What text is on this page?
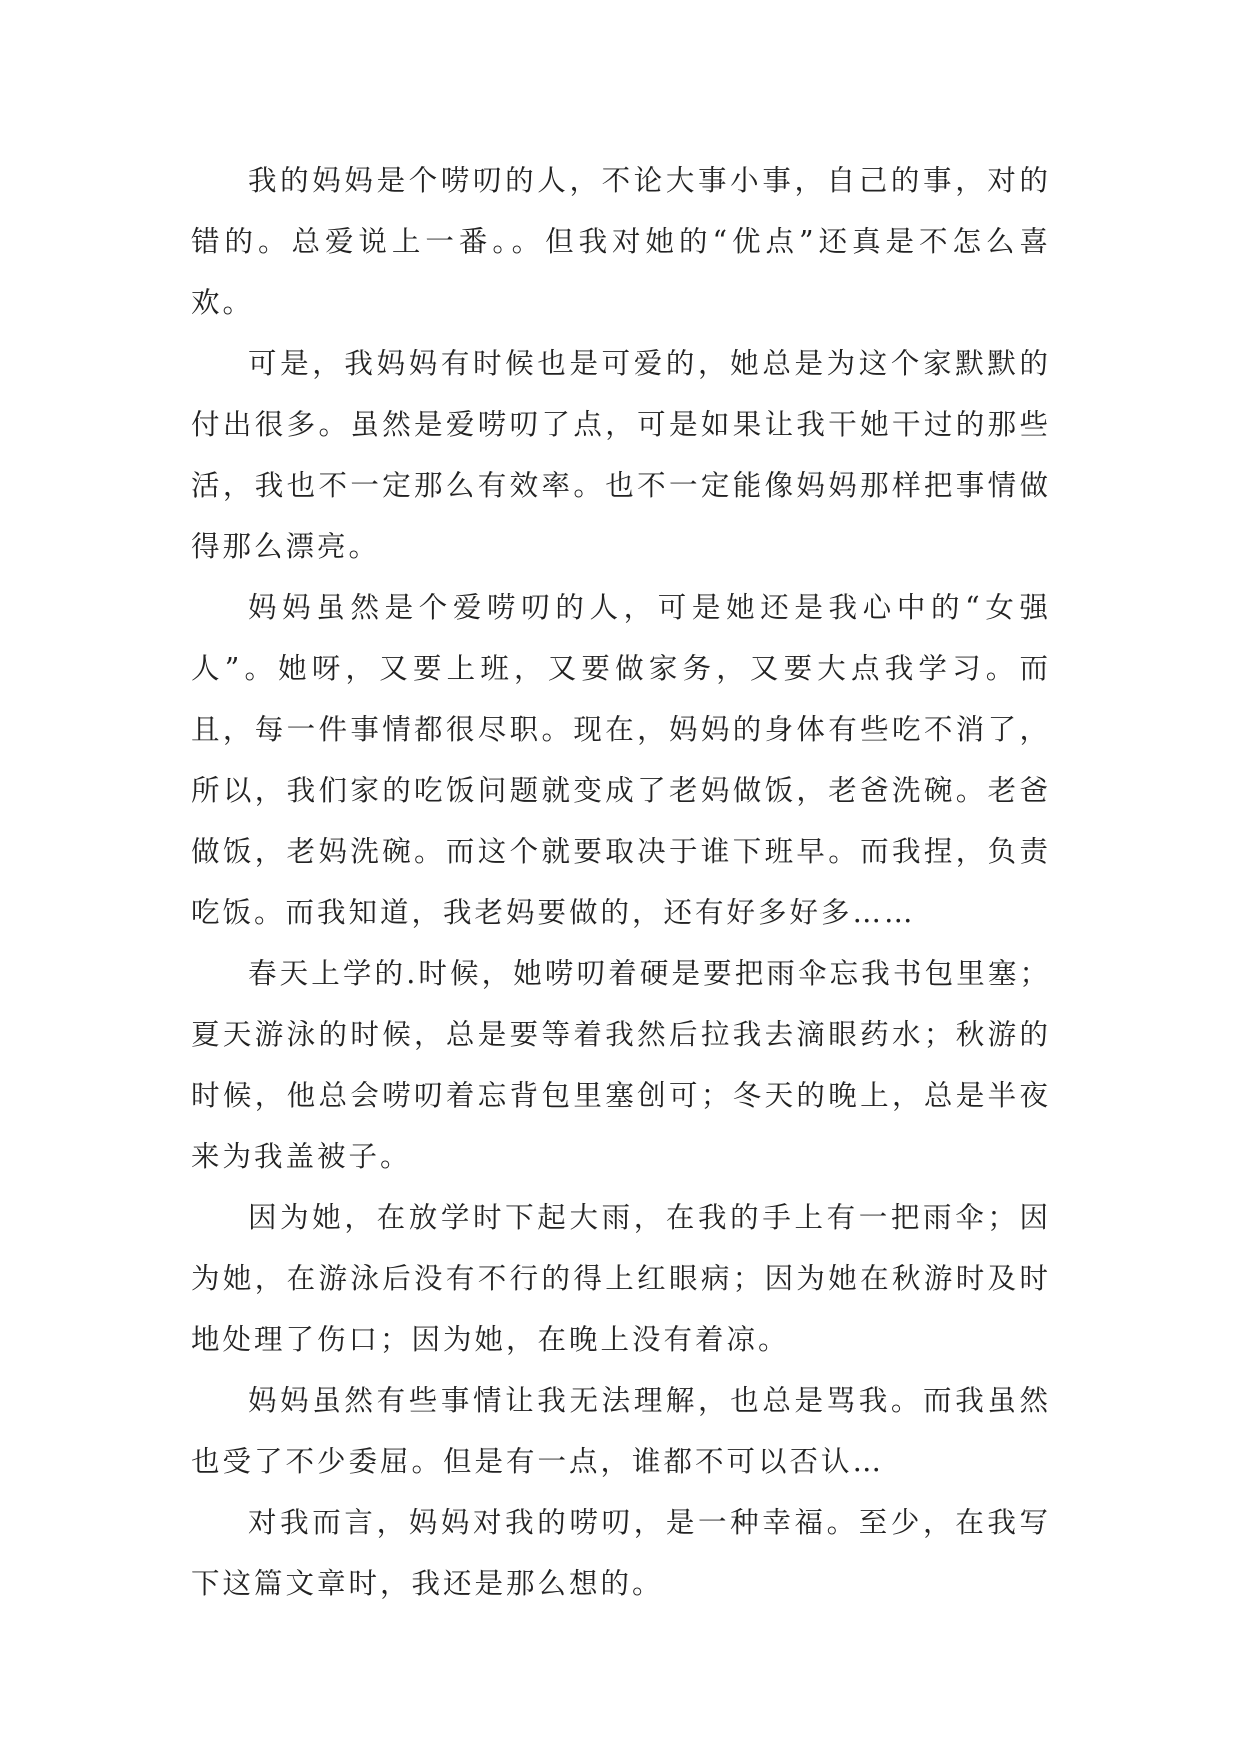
我的妈妈是个唠叨的人，不论大事小事，自己的事，对的错的。总爱说上一番。。但我对她的“优点”还真是不怎么喜欢。

可是，我妈妈有时候也是可爱的，她总是为这个家默默的付出很多。虽然是爱唠叨了点，可是如果让我干她干过的那些活，我也不一定那么有效率。也不一定能像妈妈那样把事情做得那么漂亮。

妈妈虽然是个爱唠叨的人，可是她还是我心中的“女强人”。她呀，又要上班，又要做家务，又要大点我学习。而且，每一件事情都很尽职。现在，妈妈的身体有些吃不消了，所以，我们家的吃饭问题就变成了老妈做饭，老爸洗碗。老爸做饭，老妈洗碗。而这个就要取决于谁下班早。而我捏，负责吃饭。而我知道，我老妈要做的，还有好多好多……

春天上学的.时候，她唠叨着硬是要把雨伞忘我书包里塞；夏天游泳的时候，总是要等着我然后拉我去滴眼药水；秋游的时候，他总会唠叨着忘背包里塞创可；冬天的晚上，总是半夜来为我盖被子。

因为她，在放学时下起大雨，在我的手上有一把雨伞；因为她，在游泳后没有不行的得上红眼病；因为她在秋游时及时地处理了伤口；因为她，在晚上没有着凉。

妈妈虽然有些事情让我无法理解，也总是骂我。而我虽然也受了不少委屈。但是有一点，谁都不可以否认…

对我而言，妈妈对我的唠叨，是一种幸福。至少，在我写下这篇文章时，我还是那么想的。
